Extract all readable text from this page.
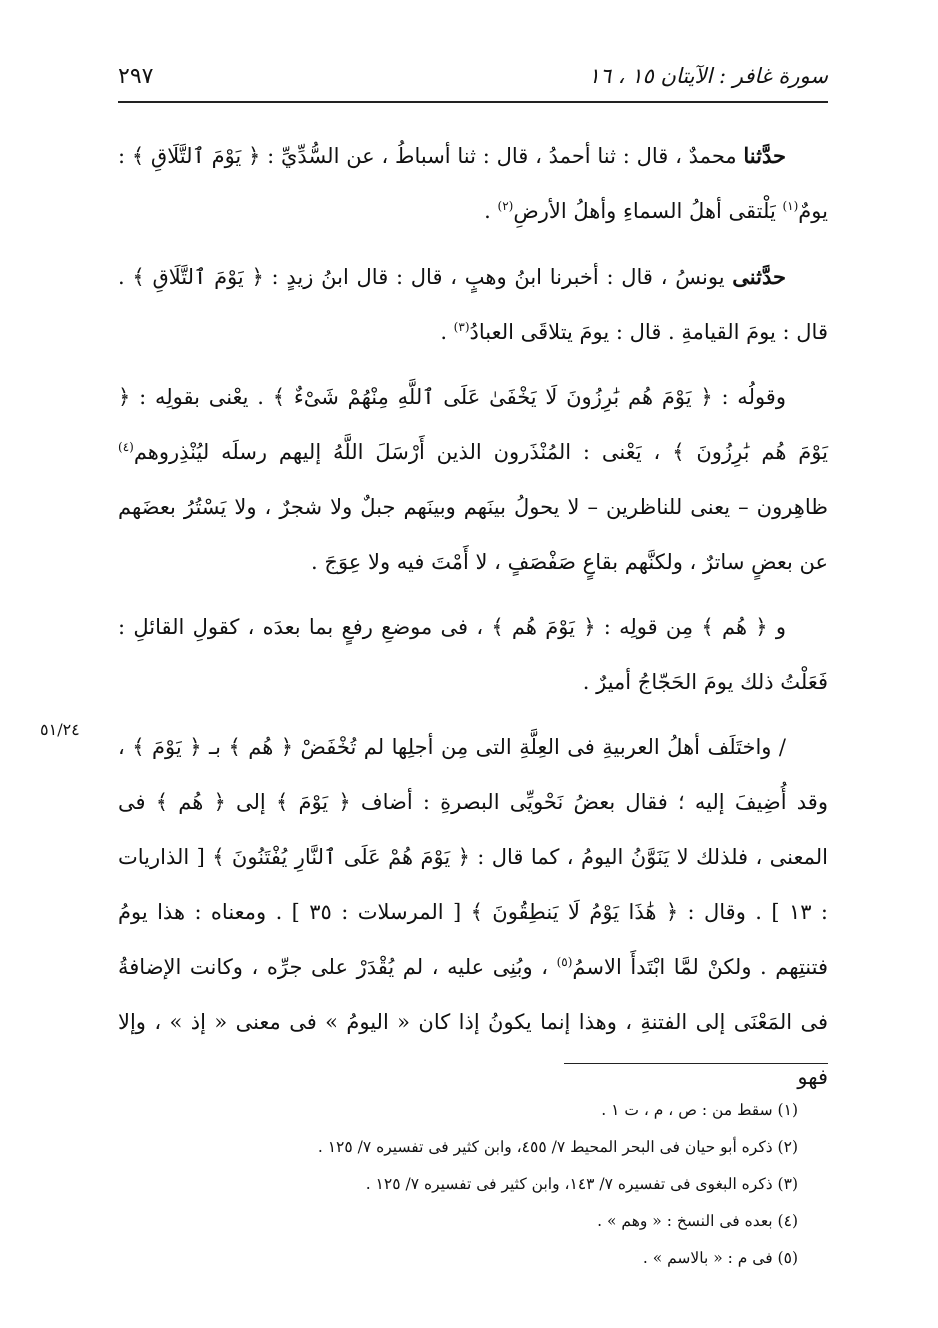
سورة غافر : الآيتان ١٥ ، ١٦
٢٩٧
٥١/٢٤

حدَّثنا محمدٌ ، قال : ثنا أحمدُ ، قال : ثنا أسباطُ ، عن السُّدِّيِّ : ﴿ يَوْمَ ٱلتَّلَاقِ ﴾ : يومٌ$^{(١)}$ يَلْتقى أهلُ السماءِ وأهلُ الأرضِ$^{(٢)}$ .

حدَّثنى يونسُ ، قال : أخبرنا ابنُ وهبٍ ، قال : قال ابنُ زيدٍ : ﴿ يَوْمَ ٱلتَّلَاقِ ﴾ . قال : يومَ القيامةِ . قال : يومَ يتلاقَى العبادُ$^{(٣)}$ .

وقولُه : ﴿ يَوْمَ هُم بَٰرِزُونَ لَا يَخْفَىٰ عَلَى ٱللَّهِ مِنْهُمْ شَىْءٌ ﴾ . يعْنى بقولِه : ﴿ يَوْمَ هُم بَٰرِزُونَ ﴾ ، يَعْنى : المُنْذَرون الذين أَرْسَلَ اللَّهُ إليهم رسلَه ليُنْذِروهم$^{(٤)}$ ظاهِرون – يعنى للناظرين – لا يحولُ بينَهم وبينَهم جبلٌ ولا شجرٌ ، ولا يَسْتُرُ بعضَهم عن بعضٍ ساترٌ ، ولكنَّهم بقاعٍ صَفْصَفٍ ، لا أَمْتَ فيه ولا عِوَجَ .

و ﴿ هُم ﴾ مِن قولِه : ﴿ يَوْمَ هُم ﴾ ، فى موضعِ رفعٍ بما بعدَه ، كقولِ القائلِ : فَعَلْتُ ذلك يومَ الحَجّاجُ أميرٌ .

/ واختَلَف أهلُ العربيةِ فى العِلَّةِ التى مِن أجلِها لم تُخْفَضْ ﴿ هُم ﴾ بـ ﴿ يَوْمَ ﴾ ، وقد أُضِيفَ إليه ؛ فقال بعضُ نَحْويِّى البصرةِ : أضاف ﴿ يَوْمَ ﴾ إلى ﴿ هُم ﴾ فى المعنى ، فلذلك لا يَنَوَّنُ اليومُ ، كما قال : ﴿ يَوْمَ هُمْ عَلَى ٱلنَّارِ يُفْتَنُونَ ﴾ [ الذاريات : ١٣ ] . وقال : ﴿ هَٰذَا يَوْمُ لَا يَنطِقُونَ ﴾ [ المرسلات : ٣٥ ] . ومعناه : هذا يومُ فتنتِهم . ولكنْ لمَّا ابْتَدأَ الاسمُ$^{(٥)}$ ، وبُنِى عليه ، لم يُقْدَرْ على جرِّه ، وكانت الإضافةُ فى المَعْنَى إلى الفتنةِ ، وهذا إنما يكونُ إذا كان « اليومُ » فى معنى « إذ » ، وإلا فهو

(١) سقط من : ص ، م ، ت ١ .

(٢) ذكره أبو حيان فى البحر المحيط ٧/ ٤٥٥، وابن كثير فى تفسيره ٧/ ١٢٥ .

(٣) ذكره البغوى فى تفسيره ٧/ ١٤٣، وابن كثير فى تفسيره ٧/ ١٢٥ .

(٤) بعده فى النسخ : « وهم » .

(٥) فى م : « بالاسم » .
